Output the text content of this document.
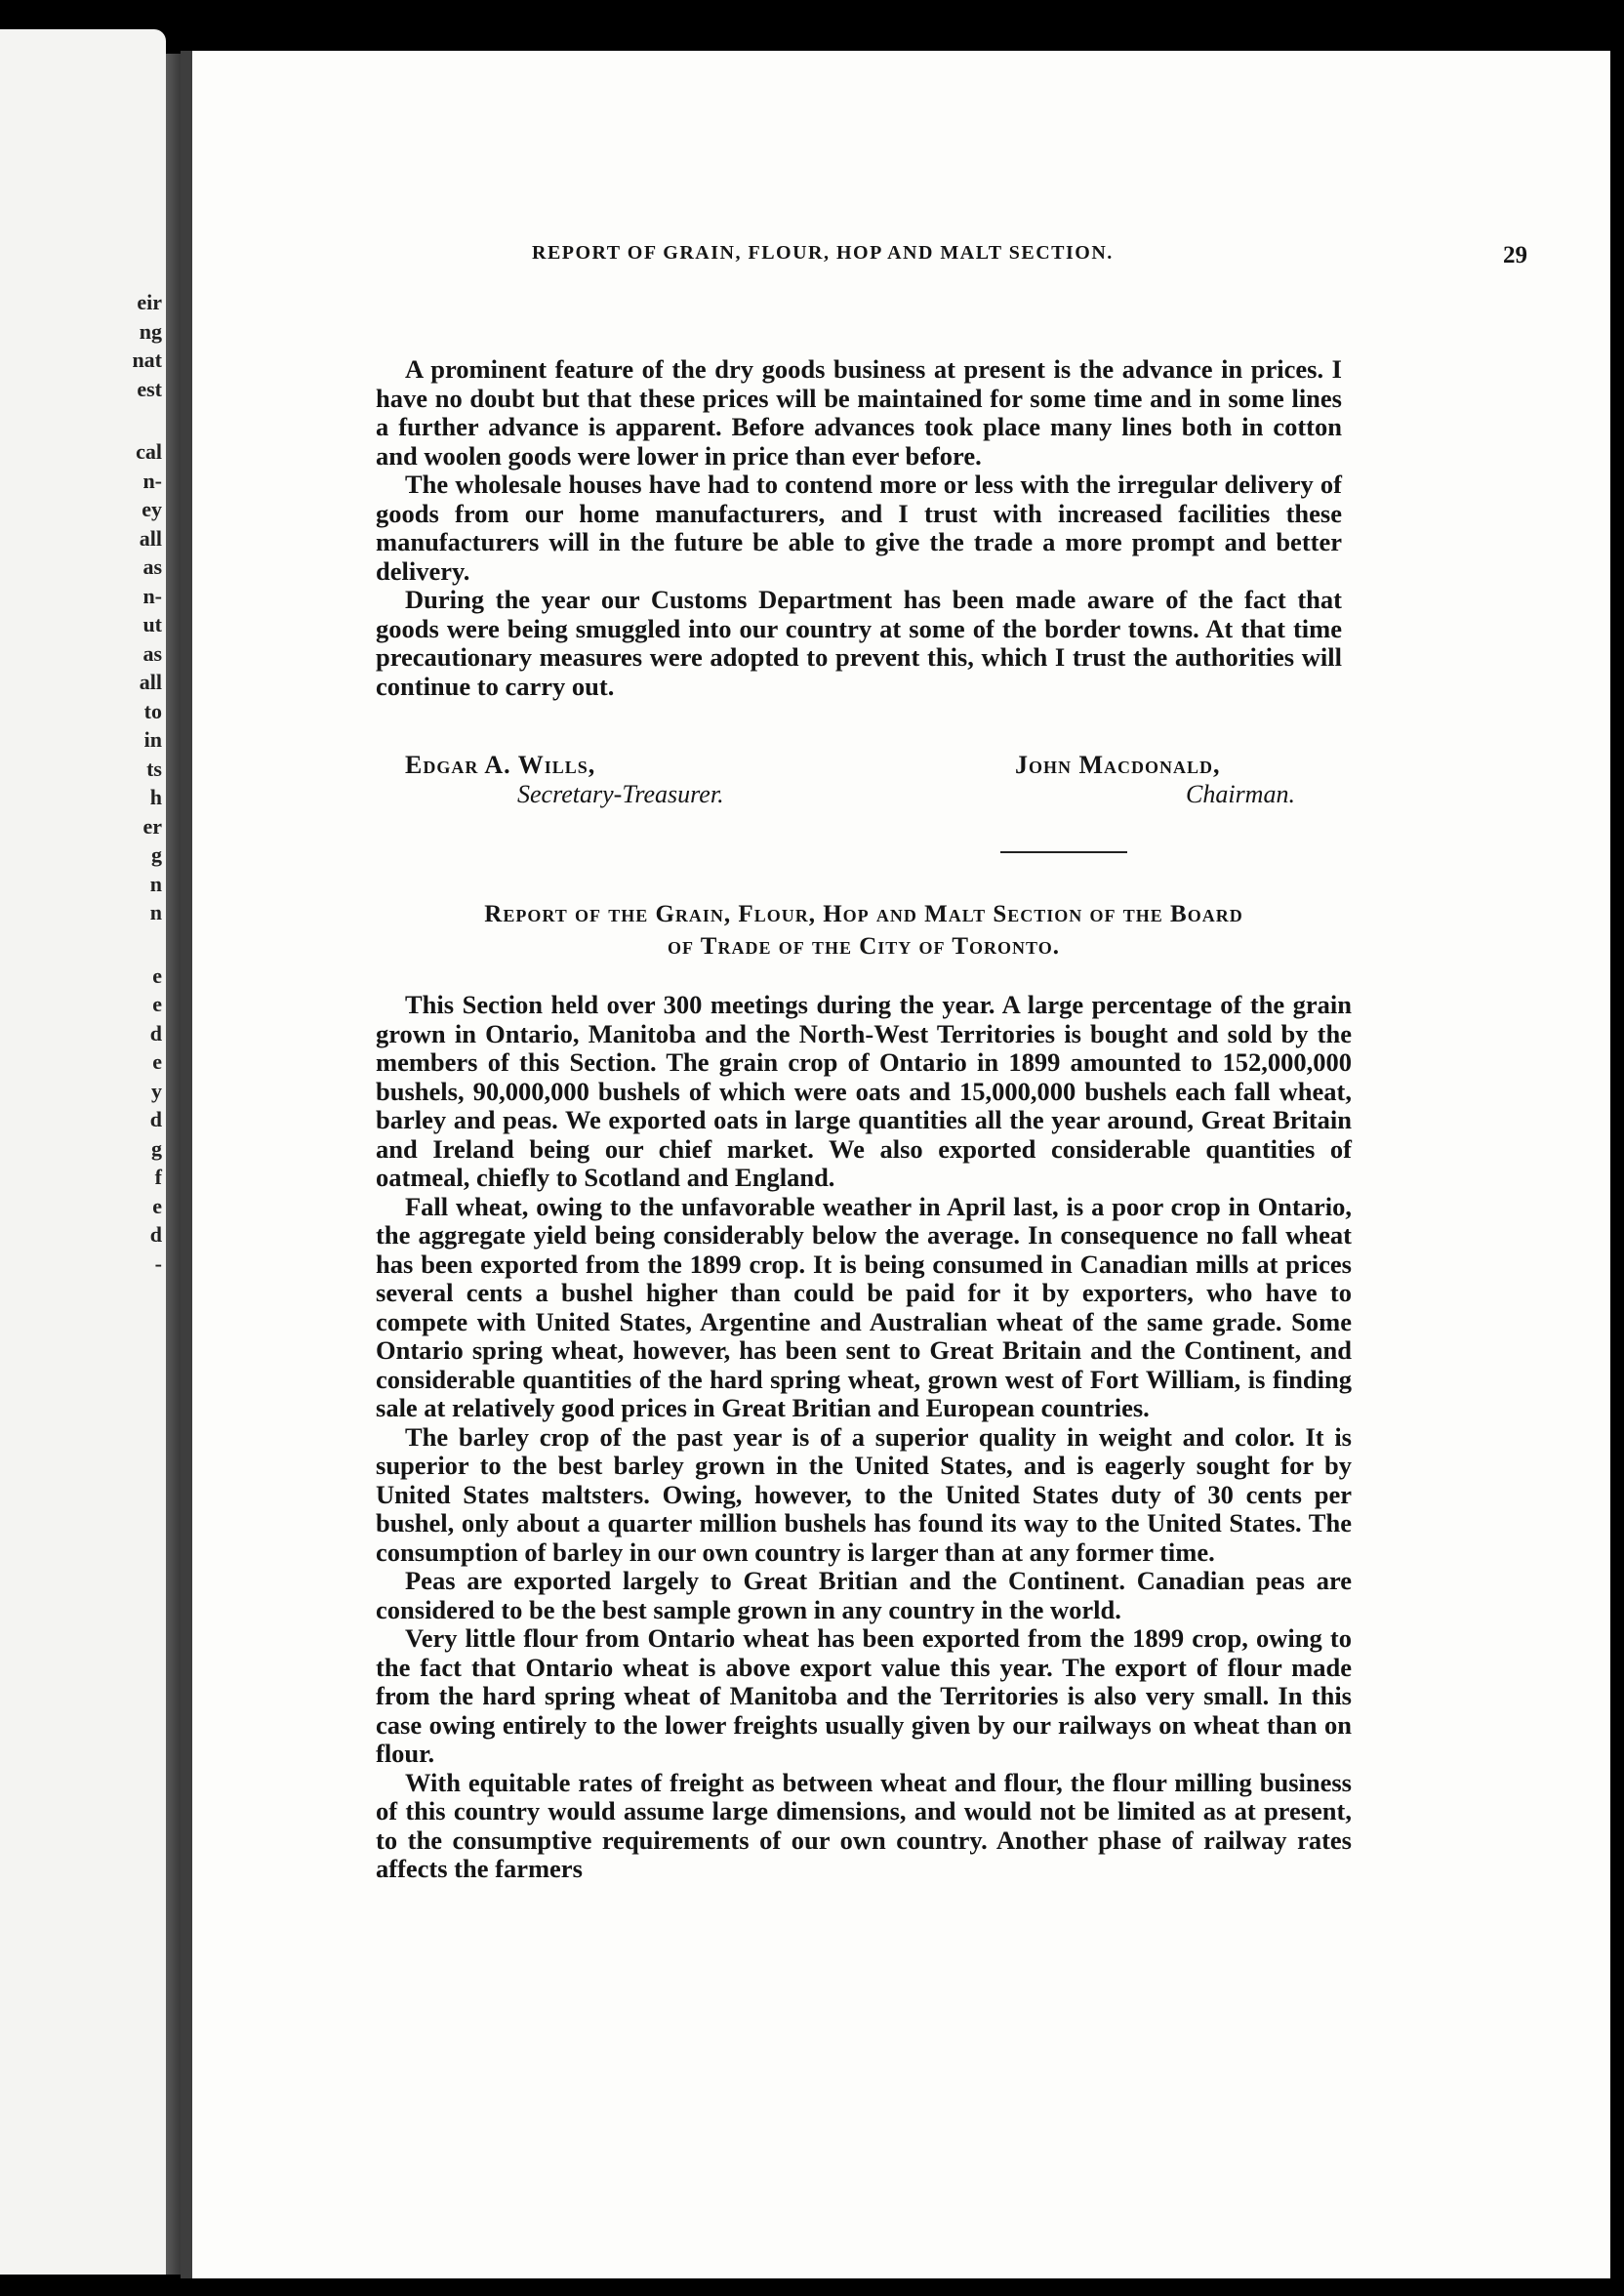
eir
ng
nat
est
cal
n-
ey
all
as
n-
ut
as
all
to
in
ts
h
er
g
n
n
e
e
d
e
y
d
g
f
e
d
-
REPORT OF GRAIN, FLOUR, HOP AND MALT SECTION.	29

A prominent feature of the dry goods business at present is the advance in prices. I have no doubt but that these prices will be maintained for some time and in some lines a further advance is apparent. Before advances took place many lines both in cotton and woolen goods were lower in price than ever before.

The wholesale houses have had to contend more or less with the irregular delivery of goods from our home manufacturers, and I trust with increased facilities these manufacturers will in the future be able to give the trade a more prompt and better delivery.

During the year our Customs Department has been made aware of the fact that goods were being smuggled into our country at some of the border towns. At that time precautionary measures were adopted to prevent this, which I trust the authorities will continue to carry out.

Edgar A. Wills,
Secretary-Treasurer.
John Macdonald,
Chairman.
Report of the Grain, Flour, Hop and Malt Section of the Board
of Trade of the City of Toronto.

This Section held over 300 meetings during the year. A large percentage of the grain grown in Ontario, Manitoba and the North-West Territories is bought and sold by the members of this Section. The grain crop of Ontario in 1899 amounted to 152,000,000 bushels, 90,000,000 bushels of which were oats and 15,000,000 bushels each fall wheat, barley and peas. We exported oats in large quantities all the year around, Great Britain and Ireland being our chief market. We also exported considerable quantities of oatmeal, chiefly to Scotland and England.

Fall wheat, owing to the unfavorable weather in April last, is a poor crop in Ontario, the aggregate yield being considerably below the average. In consequence no fall wheat has been exported from the 1899 crop. It is being consumed in Canadian mills at prices several cents a bushel higher than could be paid for it by exporters, who have to compete with United States, Argentine and Australian wheat of the same grade. Some Ontario spring wheat, however, has been sent to Great Britain and the Continent, and considerable quantities of the hard spring wheat, grown west of Fort William, is finding sale at relatively good prices in Great Britian and European countries.

The barley crop of the past year is of a superior quality in weight and color. It is superior to the best barley grown in the United States, and is eagerly sought for by United States maltsters. Owing, however, to the United States duty of 30 cents per bushel, only about a quarter million bushels has found its way to the United States. The consumption of barley in our own country is larger than at any former time.

Peas are exported largely to Great Britian and the Continent. Canadian peas are considered to be the best sample grown in any country in the world.

Very little flour from Ontario wheat has been exported from the 1899 crop, owing to the fact that Ontario wheat is above export value this year. The export of flour made from the hard spring wheat of Manitoba and the Territories is also very small. In this case owing entirely to the lower freights usually given by our railways on wheat than on flour.

With equitable rates of freight as between wheat and flour, the flour milling business of this country would assume large dimensions, and would not be limited as at present, to the consumptive requirements of our own country. Another phase of railway rates affects the farmers
